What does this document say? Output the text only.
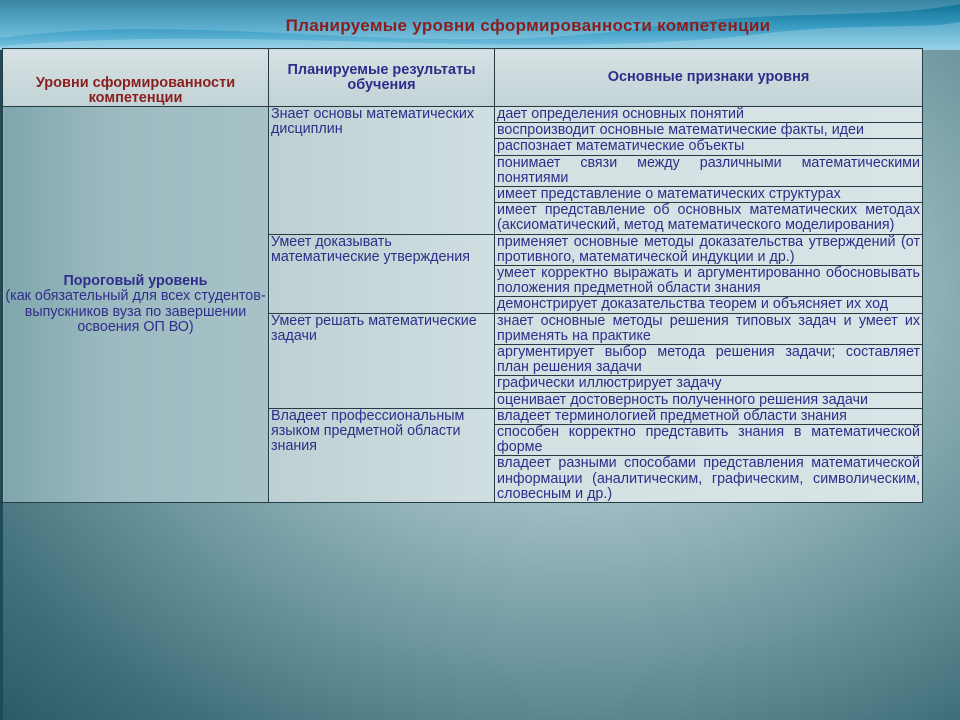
Планируемые уровни сформированности компетенции
Уровни сформированности компетенции	Планируемые результаты обучения	Основные признаки уровня

Пороговый уровень
(как обязательный для всех студентов-выпускников вуза по завершении освоения ОП ВО)	Знает основы математических дисциплин	дает определения основных понятий
		воспроизводит основные математические факты, идеи
		распознает математические объекты
		понимает связи между различными математическими понятиями
		имеет представление о математических структурах
		имеет представление об основных математических методах (аксиоматический, метод математического моделирования)
	Умеет доказывать математические утверждения	применяет основные методы доказательства утверждений (от противного, математической индукции и др.)
		умеет корректно выражать и аргументированно обосновывать положения предметной области знания
		демонстрирует доказательства теорем и объясняет их ход
	Умеет решать математические задачи	знает основные методы решения типовых задач и умеет их применять на практике
		аргументирует выбор метода решения задачи; составляет план решения задачи
		графически иллюстрирует задачу
		оценивает достоверность полученного решения задачи
	Владеет профессиональным языком предметной области знания	владеет терминологией предметной области знания
		способен корректно представить знания в математической форме
		владеет разными способами представления математической информации (аналитическим, графическим, символическим, словесным и др.)
